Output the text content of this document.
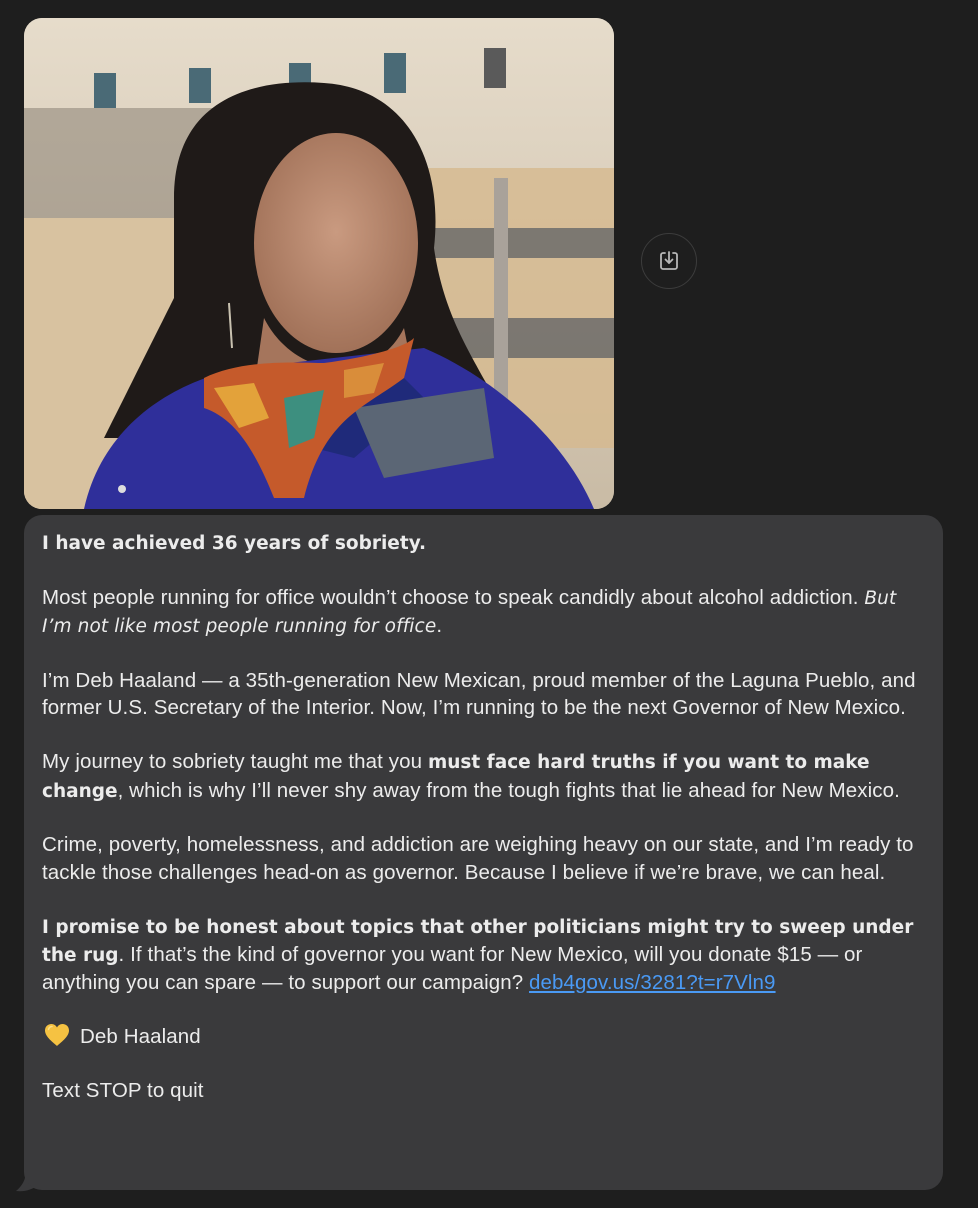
I have achieved 36 years of sobriety.

Most people running for office wouldn’t choose to speak candidly about alcohol addiction. But I’m not like most people running for office.

I’m Deb Haaland — a 35th-generation New Mexican, proud member of the Laguna Pueblo, and former U.S. Secretary of the Interior. Now, I’m running to be the next Governor of New Mexico.

My journey to sobriety taught me that you must face hard truths if you want to make change, which is why I’ll never shy away from the tough fights that lie ahead for New Mexico.

Crime, poverty, homelessness, and addiction are weighing heavy on our state, and I’m ready to tackle those challenges head-on as governor. Because I believe if we’re brave, we can heal.

I promise to be honest about topics that other politicians might try to sweep under the rug. If that’s the kind of governor you want for New Mexico, will you donate $15 — or anything you can spare — to support our campaign? deb4gov.us/3281?t=r7Vln9

Deb Haaland

Text STOP to quit
